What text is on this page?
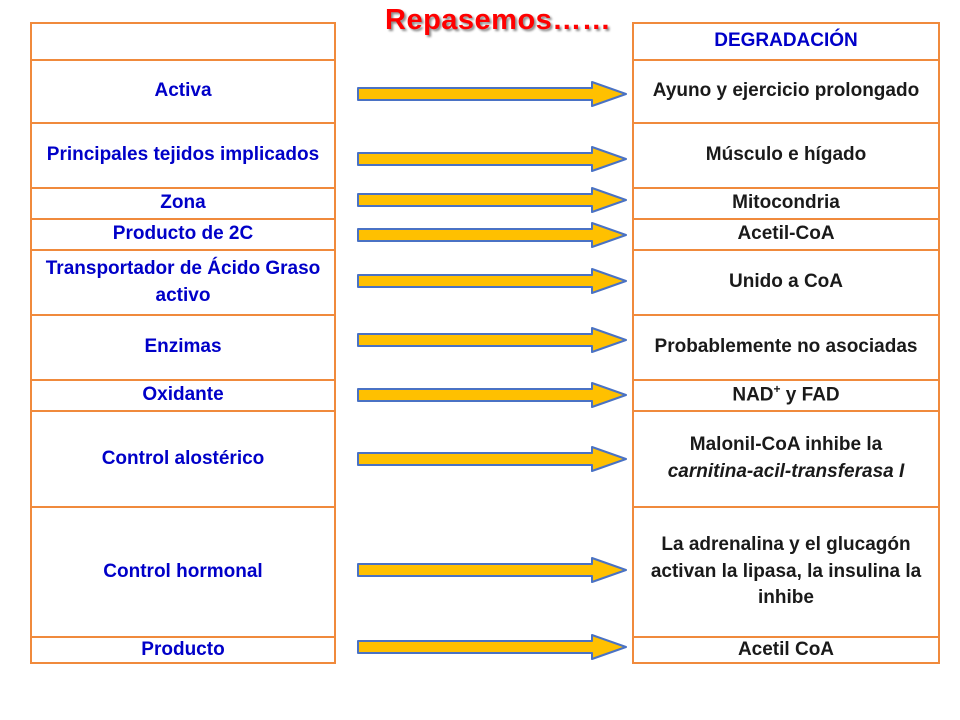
Repasemos……
Activa
Principales tejidos implicados
Zona
Producto de 2C
Transportador de Ácido Graso activo
Enzimas
Oxidante
Control alostérico
Control hormonal
Producto
DEGRADACIÓN
Ayuno y ejercicio prolongado
Músculo e hígado
Mitocondria
Acetil-CoA
Unido a CoA
Probablemente no asociadas
NAD+ y FAD
Malonil-CoA inhibe la
carnitina-acil-transferasa I
La adrenalina y el glucagón activan la lipasa, la insulina la inhibe
Acetil CoA
